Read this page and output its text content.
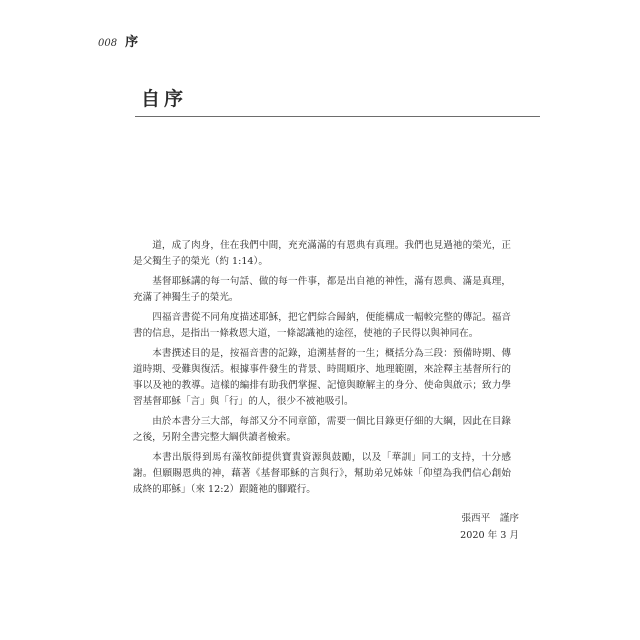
008 序
自序

道，成了肉身，住在我們中間，充充滿滿的有恩典有真理。我們也見過祂的榮光，正是父獨生子的榮光（約 1:14）。

基督耶穌講的每一句話、做的每一件事，都是出自祂的神性，滿有恩典、滿是真理，充滿了神獨生子的榮光。

四福音書從不同角度描述耶穌，把它們綜合歸納，便能構成一幅較完整的傳記。福音書的信息，是指出一條救恩大道，一條認識祂的途徑，使祂的子民得以與神同在。

本書撰述目的是，按福音書的記錄，追溯基督的一生；概括分為三段：預備時期、傳道時期、受難與復活。根據事件發生的背景、時間順序、地理範圍，來詮釋主基督所行的事以及祂的教導。這樣的編排有助我們掌握、記憶與瞭解主的身分、使命與啟示；致力學習基督耶穌「言」與「行」的人，很少不被祂吸引。

由於本書分三大部，每部又分不同章節，需要一個比目錄更仔細的大綱，因此在目錄之後，另附全書完整大綱供讀者檢索。

本書出版得到馬有藻牧師提供寶貴資源與鼓勵，以及「華訓」同工的支持，十分感謝。但願賜恩典的神，藉著《基督耶穌的言與行》，幫助弟兄姊妹「仰望為我們信心創始成終的耶穌」（來 12:2）跟隨祂的腳蹤行。

張西平　謹序
2020 年 3 月
